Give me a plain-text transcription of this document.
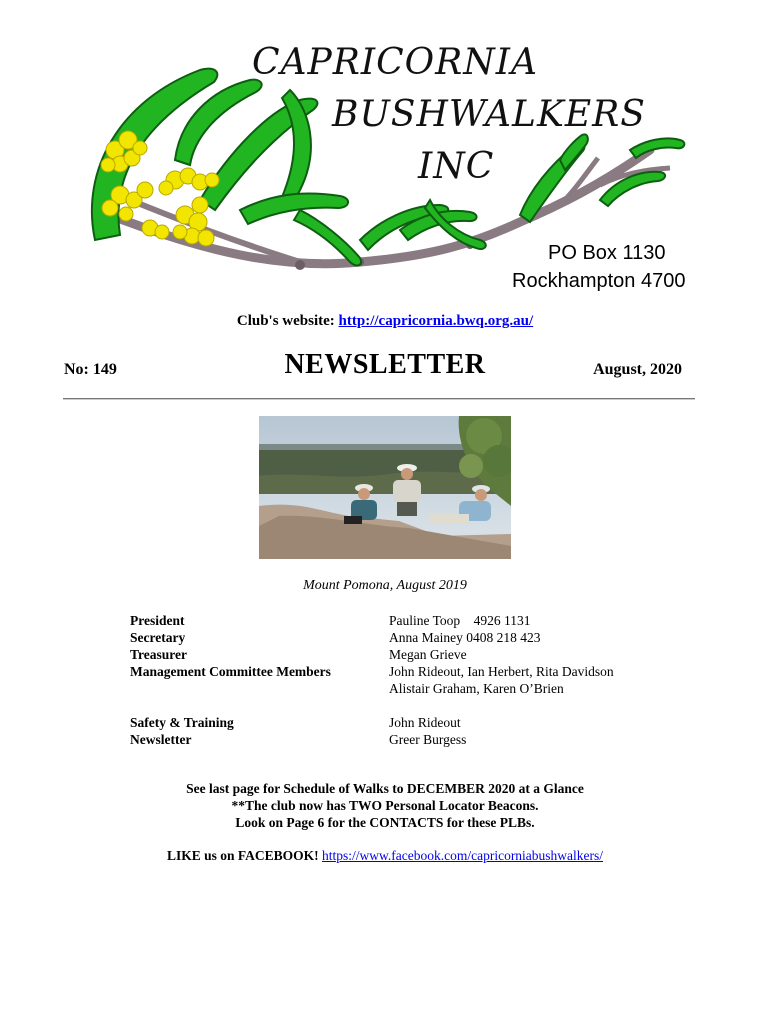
CAPRICORNIA
BUSHWALKERS
INC
PO Box 1130
Rockhampton 4700
Club's website: http://capricornia.bwq.org.au/
No: 149	NEWSLETTER	August, 2020
Mount Pomona, August 2019
President	Pauline Toop    4926 1131
Secretary	Anna Mainey 0408 218 423
Treasurer	Megan Grieve
Management Committee Members	John Rideout, Ian Herbert, Rita Davidson
Alistair Graham, Karen O’Brien
Safety & Training	John Rideout
Newsletter	Greer Burgess
See last page for Schedule of Walks to DECEMBER 2020 at a Glance
**The club now has TWO Personal Locator Beacons.
Look on Page 6 for the CONTACTS for these PLBs.
LIKE us on FACEBOOK! https://www.facebook.com/capricorniabushwalkers/
